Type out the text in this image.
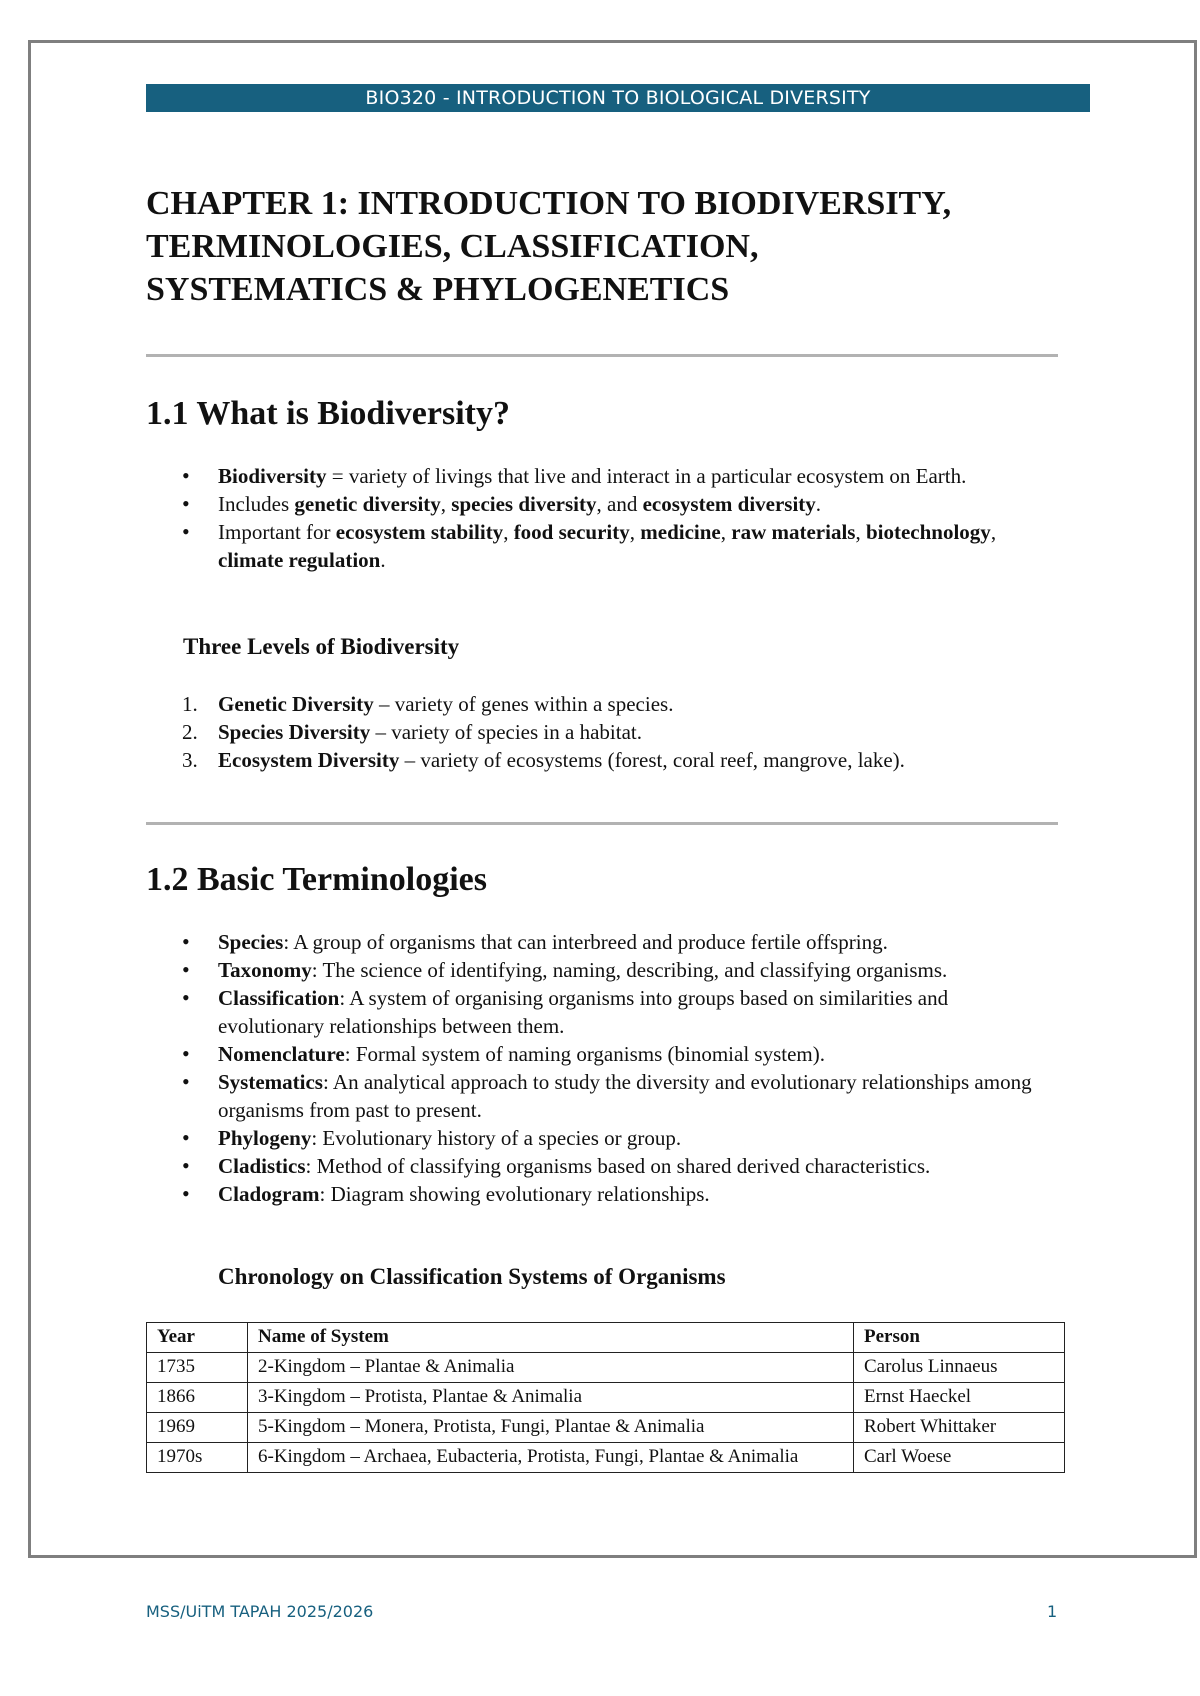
BIO320 - INTRODUCTION TO BIOLOGICAL DIVERSITY
CHAPTER 1: INTRODUCTION TO BIODIVERSITY,
TERMINOLOGIES, CLASSIFICATION,
SYSTEMATICS & PHYLOGENETICS
1.1 What is Biodiversity?
• Biodiversity = variety of livings that live and interact in a particular ecosystem on Earth.
• Includes genetic diversity, species diversity, and ecosystem diversity.
• Important for ecosystem stability, food security, medicine, raw materials, biotechnology, climate regulation.
Three Levels of Biodiversity
1. Genetic Diversity – variety of genes within a species.
2. Species Diversity – variety of species in a habitat.
3. Ecosystem Diversity – variety of ecosystems (forest, coral reef, mangrove, lake).
1.2 Basic Terminologies
• Species: A group of organisms that can interbreed and produce fertile offspring.
• Taxonomy: The science of identifying, naming, describing, and classifying organisms.
• Classification: A system of organising organisms into groups based on similarities and evolutionary relationships between them.
• Nomenclature: Formal system of naming organisms (binomial system).
• Systematics: An analytical approach to study the diversity and evolutionary relationships among organisms from past to present.
• Phylogeny: Evolutionary history of a species or group.
• Cladistics: Method of classifying organisms based on shared derived characteristics.
• Cladogram: Diagram showing evolutionary relationships.
Chronology on Classification Systems of Organisms
Year	Name of System	Person
1735	2-Kingdom – Plantae & Animalia	Carolus Linnaeus
1866	3-Kingdom – Protista, Plantae & Animalia	Ernst Haeckel
1969	5-Kingdom – Monera, Protista, Fungi, Plantae & Animalia	Robert Whittaker
1970s	6-Kingdom – Archaea, Eubacteria, Protista, Fungi, Plantae & Animalia	Carl Woese
MSS/UiTM TAPAH 2025/2026	1
